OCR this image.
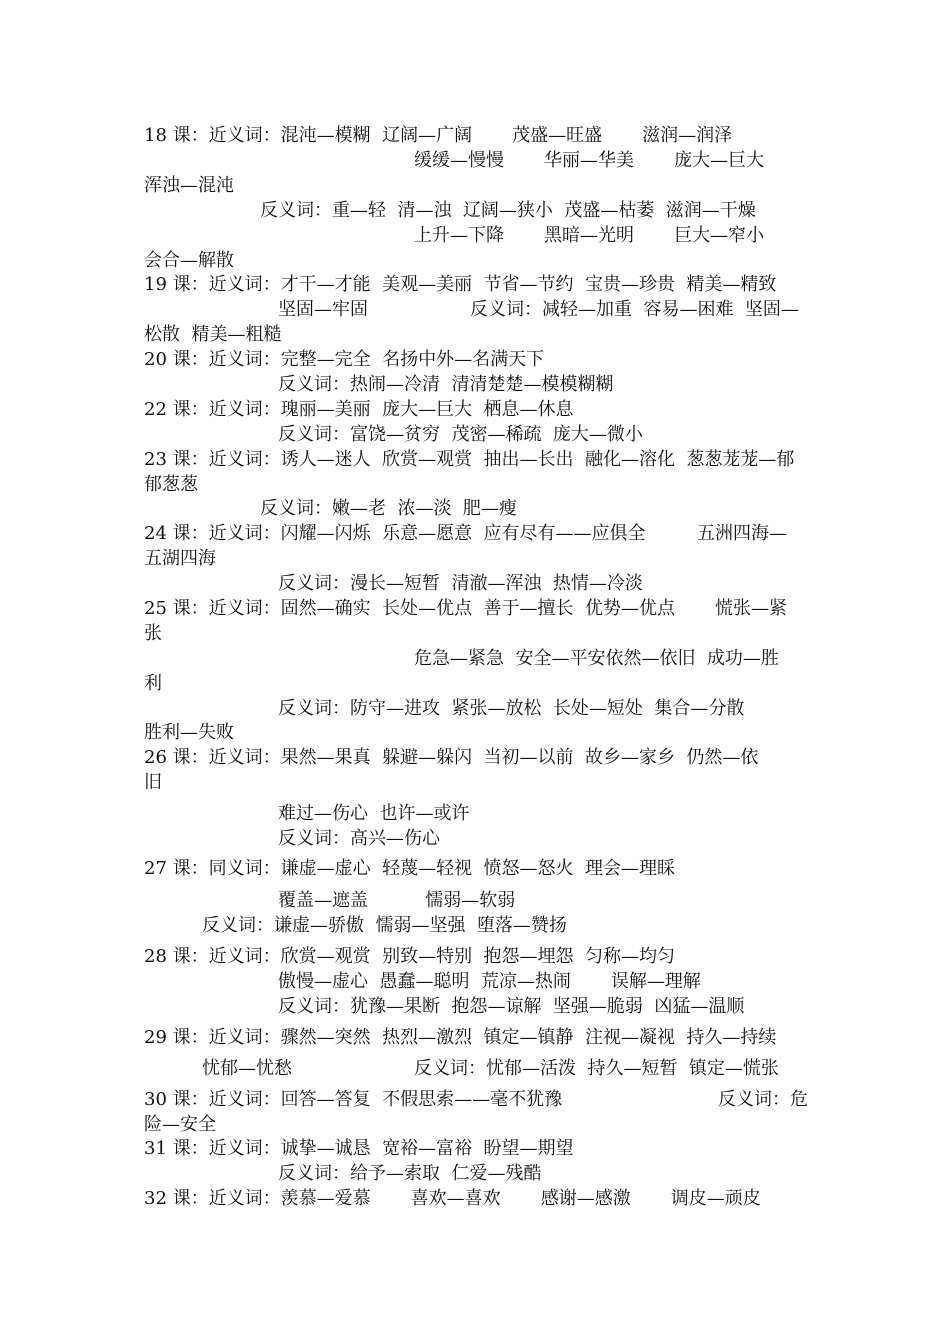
18 课：近义词：混沌—模糊  辽阔—广阔       茂盛—旺盛       滋润—润泽
缓缓—慢慢       华丽—华美       庞大—巨大
浑浊—混沌
反义词：重—轻  清—浊  辽阔—狭小  茂盛—枯萎  滋润—干燥
上升—下降       黑暗—光明       巨大—窄小
会合—解散
19 课：近义词：才干—才能  美观—美丽  节省—节约  宝贵—珍贵  精美—精致
坚固—牢固	反义词：减轻—加重  容易—困难  坚固—
松散  精美—粗糙
20 课：近义词：完整—完全  名扬中外—名满天下
反义词：热闹—冷清  清清楚楚—模模糊糊
22 课：近义词：瑰丽—美丽  庞大—巨大  栖息—休息
反义词：富饶—贫穷  茂密—稀疏  庞大—微小
23 课：近义词：诱人—迷人  欣赏—观赏  抽出—长出  融化—溶化  葱葱茏茏—郁
郁葱葱
反义词：嫩—老  浓—淡  肥—瘦
24 课：近义词：闪耀—闪烁  乐意—愿意  应有尽有——应俱全         五洲四海—
五湖四海
反义词：漫长—短暂  清澈—浑浊  热情—冷淡
25 课：近义词：固然—确实  长处—优点  善于—擅长  优势—优点       慌张—紧
张
危急—紧急  安全—平安依然—依旧  成功—胜
利
反义词：防守—进攻  紧张—放松  长处—短处  集合—分散
胜利—失败
26 课：近义词：果然—果真  躲避—躲闪  当初—以前  故乡—家乡  仍然—依
旧
难过—伤心  也许—或许
反义词：高兴—伤心
27 课：同义词：谦虚—虚心  轻蔑—轻视  愤怒—怒火  理会—理睬
覆盖—遮盖          懦弱—软弱
反义词：谦虚—骄傲  懦弱—坚强  堕落—赞扬
28 课：近义词：欣赏—观赏  别致—特别  抱怨—埋怨  匀称—均匀
傲慢—虚心  愚蠢—聪明  荒凉—热闹       误解—理解
反义词：犹豫—果断  抱怨—谅解  坚强—脆弱  凶猛—温顺
29 课：近义词：骤然—突然  热烈—激烈  镇定—镇静  注视—凝视  持久—持续
忧郁—忧愁	反义词：忧郁—活泼  持久—短暂  镇定—慌张
30 课：近义词：回答—答复  不假思索——毫不犹豫	反义词：危
险—安全
31 课：近义词：诚挚—诚恳  宽裕—富裕  盼望—期望
反义词：给予—索取  仁爱—残酷
32 课：近义词：羡慕—爱慕       喜欢—喜欢       感谢—感激       调皮—顽皮
